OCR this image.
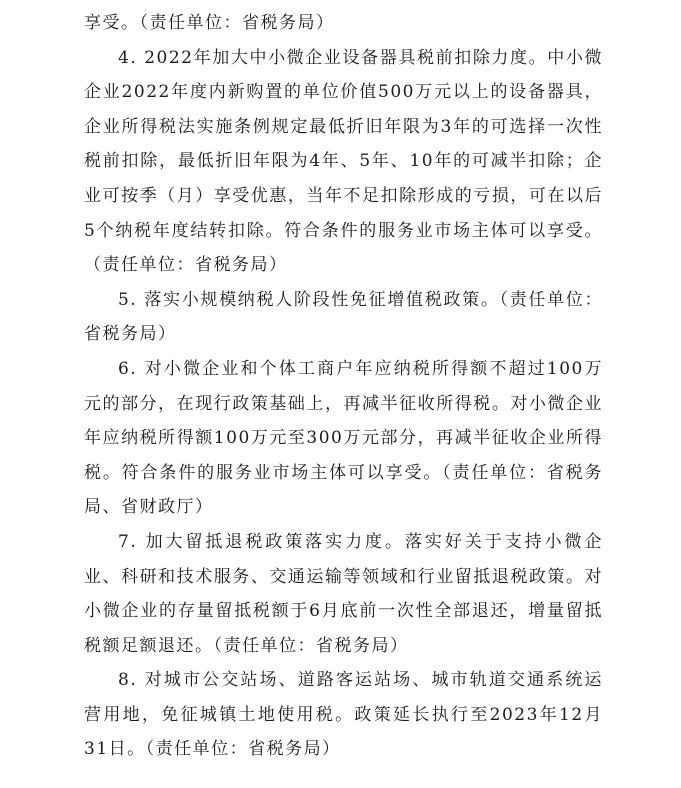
享受。（责任单位：省税务局）

4. 2022年加大中小微企业设备器具税前扣除力度。中小微企业2022年度内新购置的单位价值500万元以上的设备器具，企业所得税法实施条例规定最低折旧年限为3年的可选择一次性税前扣除，最低折旧年限为4年、5年、10年的可减半扣除；企业可按季（月）享受优惠，当年不足扣除形成的亏损，可在以后5个纳税年度结转扣除。符合条件的服务业市场主体可以享受。（责任单位：省税务局）

5. 落实小规模纳税人阶段性免征增值税政策。（责任单位：省税务局）

6. 对小微企业和个体工商户年应纳税所得额不超过100万元的部分，在现行政策基础上，再减半征收所得税。对小微企业年应纳税所得额100万元至300万元部分，再减半征收企业所得税。符合条件的服务业市场主体可以享受。（责任单位：省税务局、省财政厅）

7. 加大留抵退税政策落实力度。落实好关于支持小微企业、科研和技术服务、交通运输等领域和行业留抵退税政策。对小微企业的存量留抵税额于6月底前一次性全部退还，增量留抵税额足额退还。（责任单位：省税务局）

8. 对城市公交站场、道路客运站场、城市轨道交通系统运营用地，免征城镇土地使用税。政策延长执行至2023年12月31日。（责任单位：省税务局）
